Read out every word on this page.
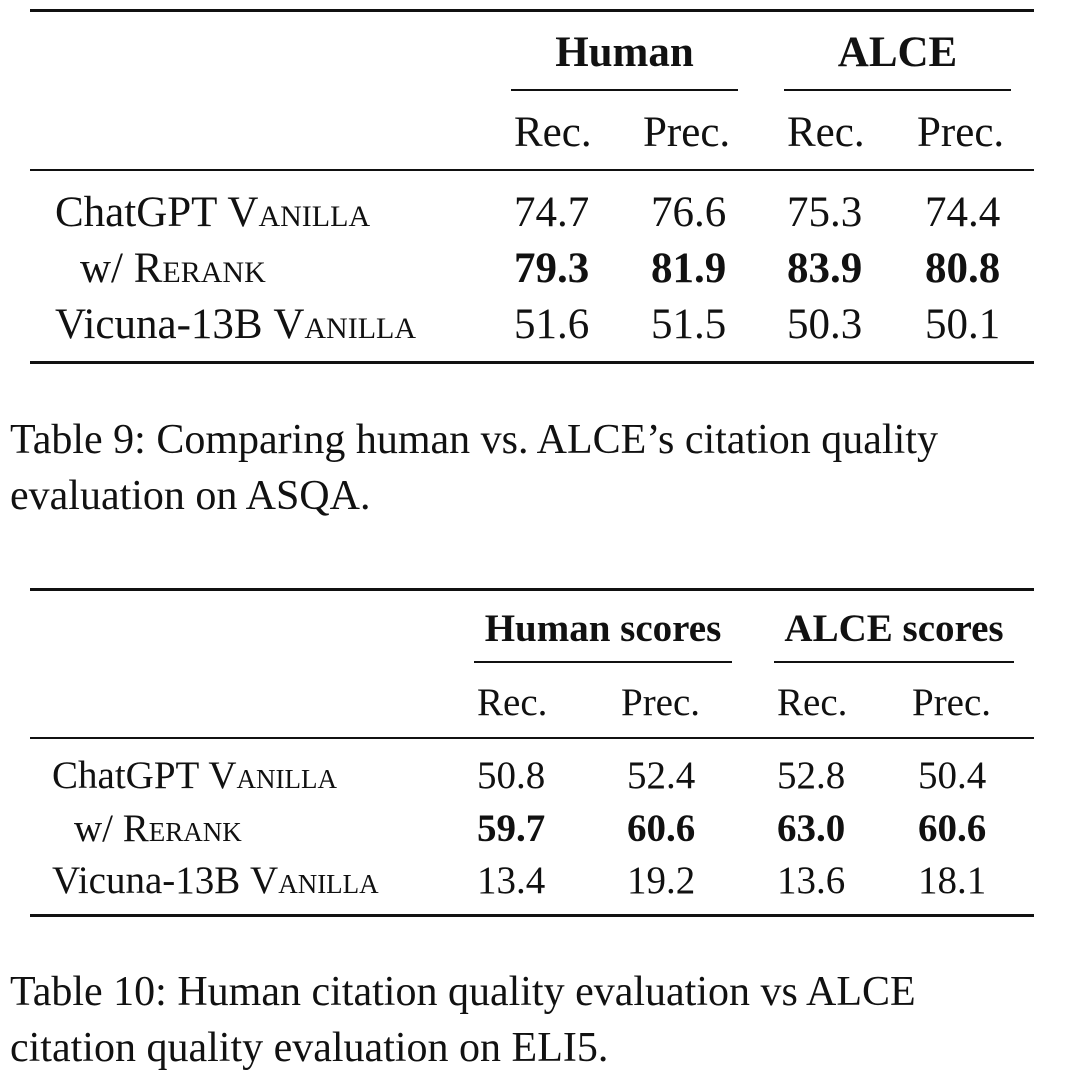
Human	ALCE
Rec. Prec. Rec. Prec.
ChatGPT Vanilla	74.7 76.6 75.3 74.4
w/ Rerank	79.3 81.9 83.9 80.8
Vicuna-13B Vanilla 51.6 51.5 50.3 50.1
Table 9: Comparing human vs. ALCE’s citation quality
evaluation on ASQA.
Human scores ALCE scores
Rec. Prec. Rec. Prec.
ChatGPT Vanilla	50.8 52.4 52.8 50.4
w/ Rerank	59.7 60.6 63.0 60.6
Vicuna-13B Vanilla	13.4 19.2 13.6 18.1
Table 10: Human citation quality evaluation vs ALCE
citation quality evaluation on ELI5.
